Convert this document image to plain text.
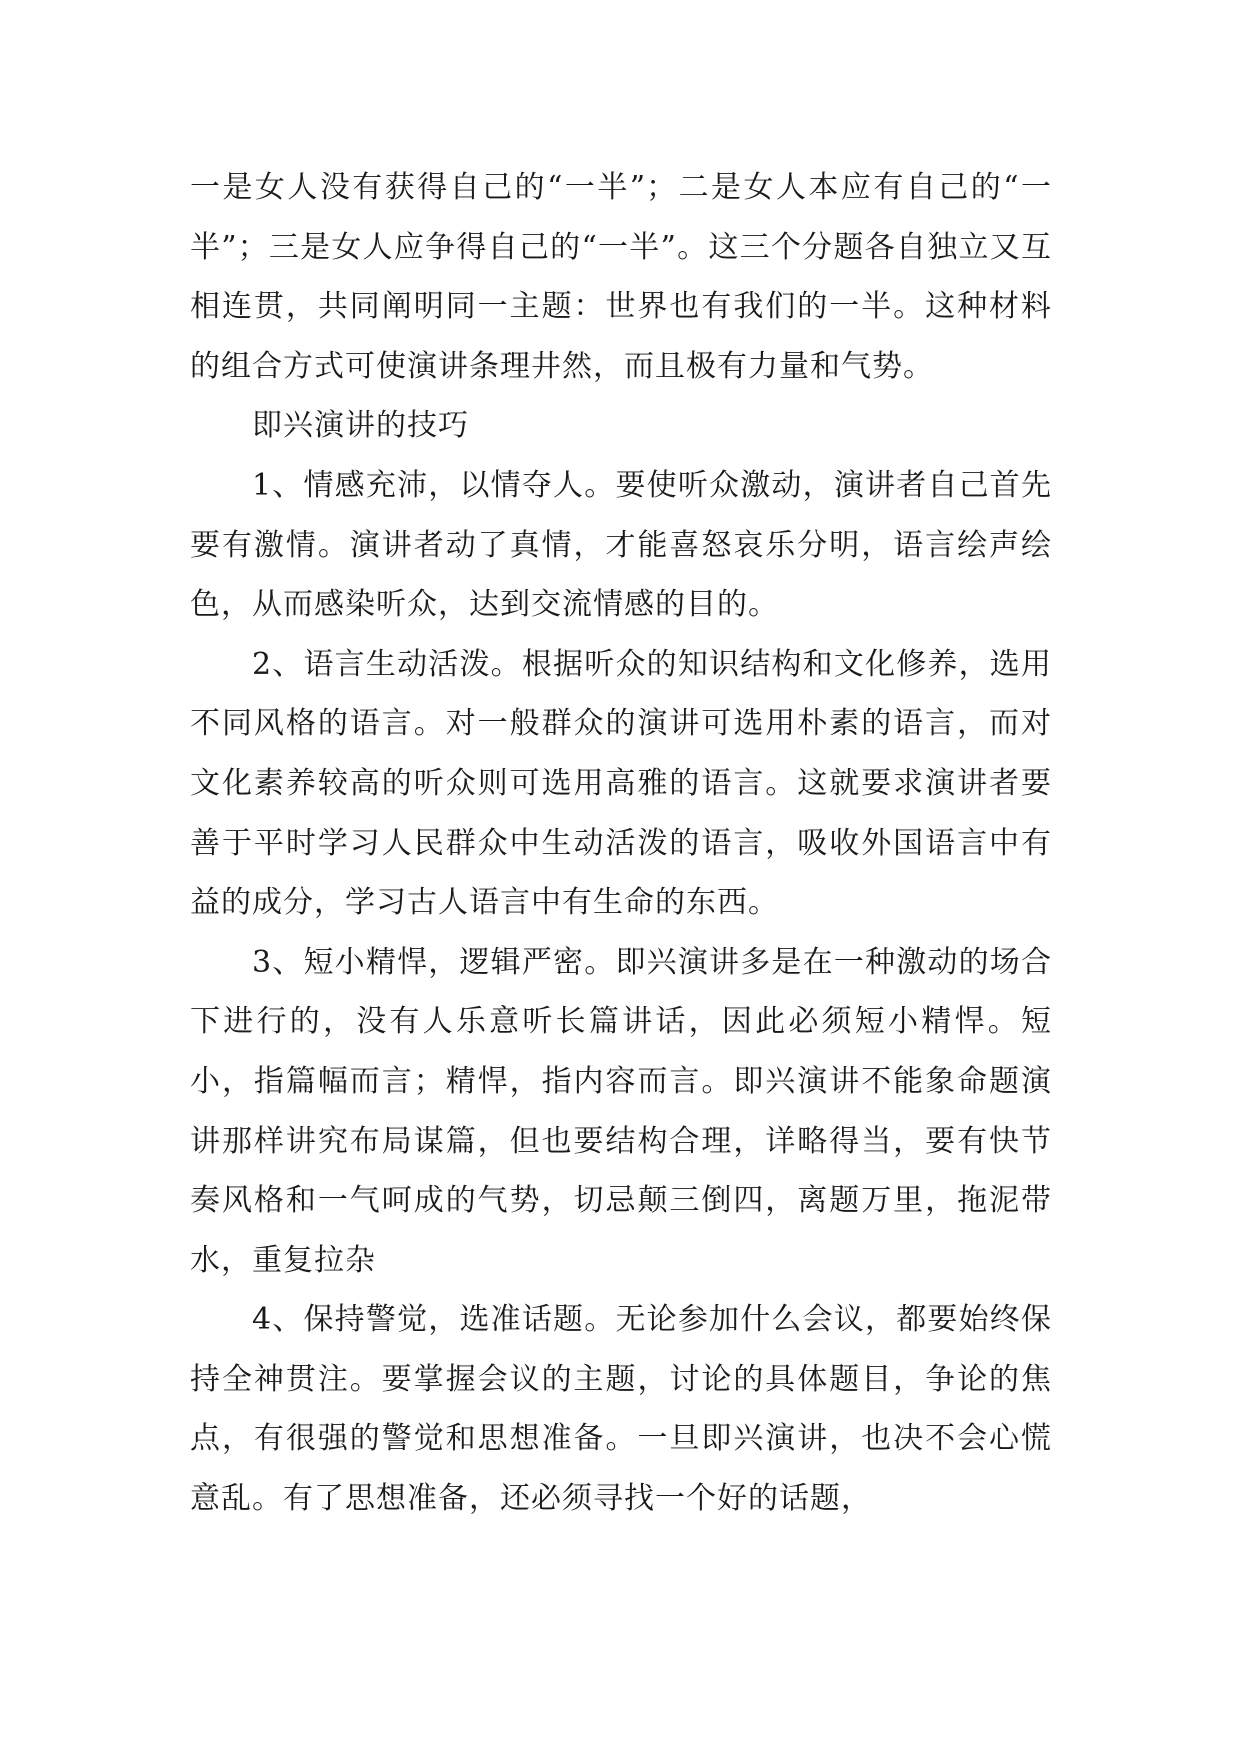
一是女人没有获得自己的“一半”；二是女人本应有自己的“一半”；三是女人应争得自己的“一半”。这三个分题各自独立又互相连贯，共同阐明同一主题：世界也有我们的一半。这种材料的组合方式可使演讲条理井然，而且极有力量和气势。

即兴演讲的技巧

1、情感充沛，以情夺人。要使听众激动，演讲者自己首先要有激情。演讲者动了真情，才能喜怒哀乐分明，语言绘声绘色，从而感染听众，达到交流情感的目的。

2、语言生动活泼。根据听众的知识结构和文化修养，选用不同风格的语言。对一般群众的演讲可选用朴素的语言，而对文化素养较高的听众则可选用高雅的语言。这就要求演讲者要善于平时学习人民群众中生动活泼的语言，吸收外国语言中有益的成分，学习古人语言中有生命的东西。

3、短小精悍，逻辑严密。即兴演讲多是在一种激动的场合下进行的，没有人乐意听长篇讲话，因此必须短小精悍。短小，指篇幅而言；精悍，指内容而言。即兴演讲不能象命题演讲那样讲究布局谋篇，但也要结构合理，详略得当，要有快节奏风格和一气呵成的气势，切忌颠三倒四，离题万里，拖泥带水，重复拉杂

4、保持警觉，选准话题。无论参加什么会议，都要始终保持全神贯注。要掌握会议的主题，讨论的具体题目，争论的焦点，有很强的警觉和思想准备。一旦即兴演讲，也决不会心慌意乱。有了思想准备，还必须寻找一个好的话题，
